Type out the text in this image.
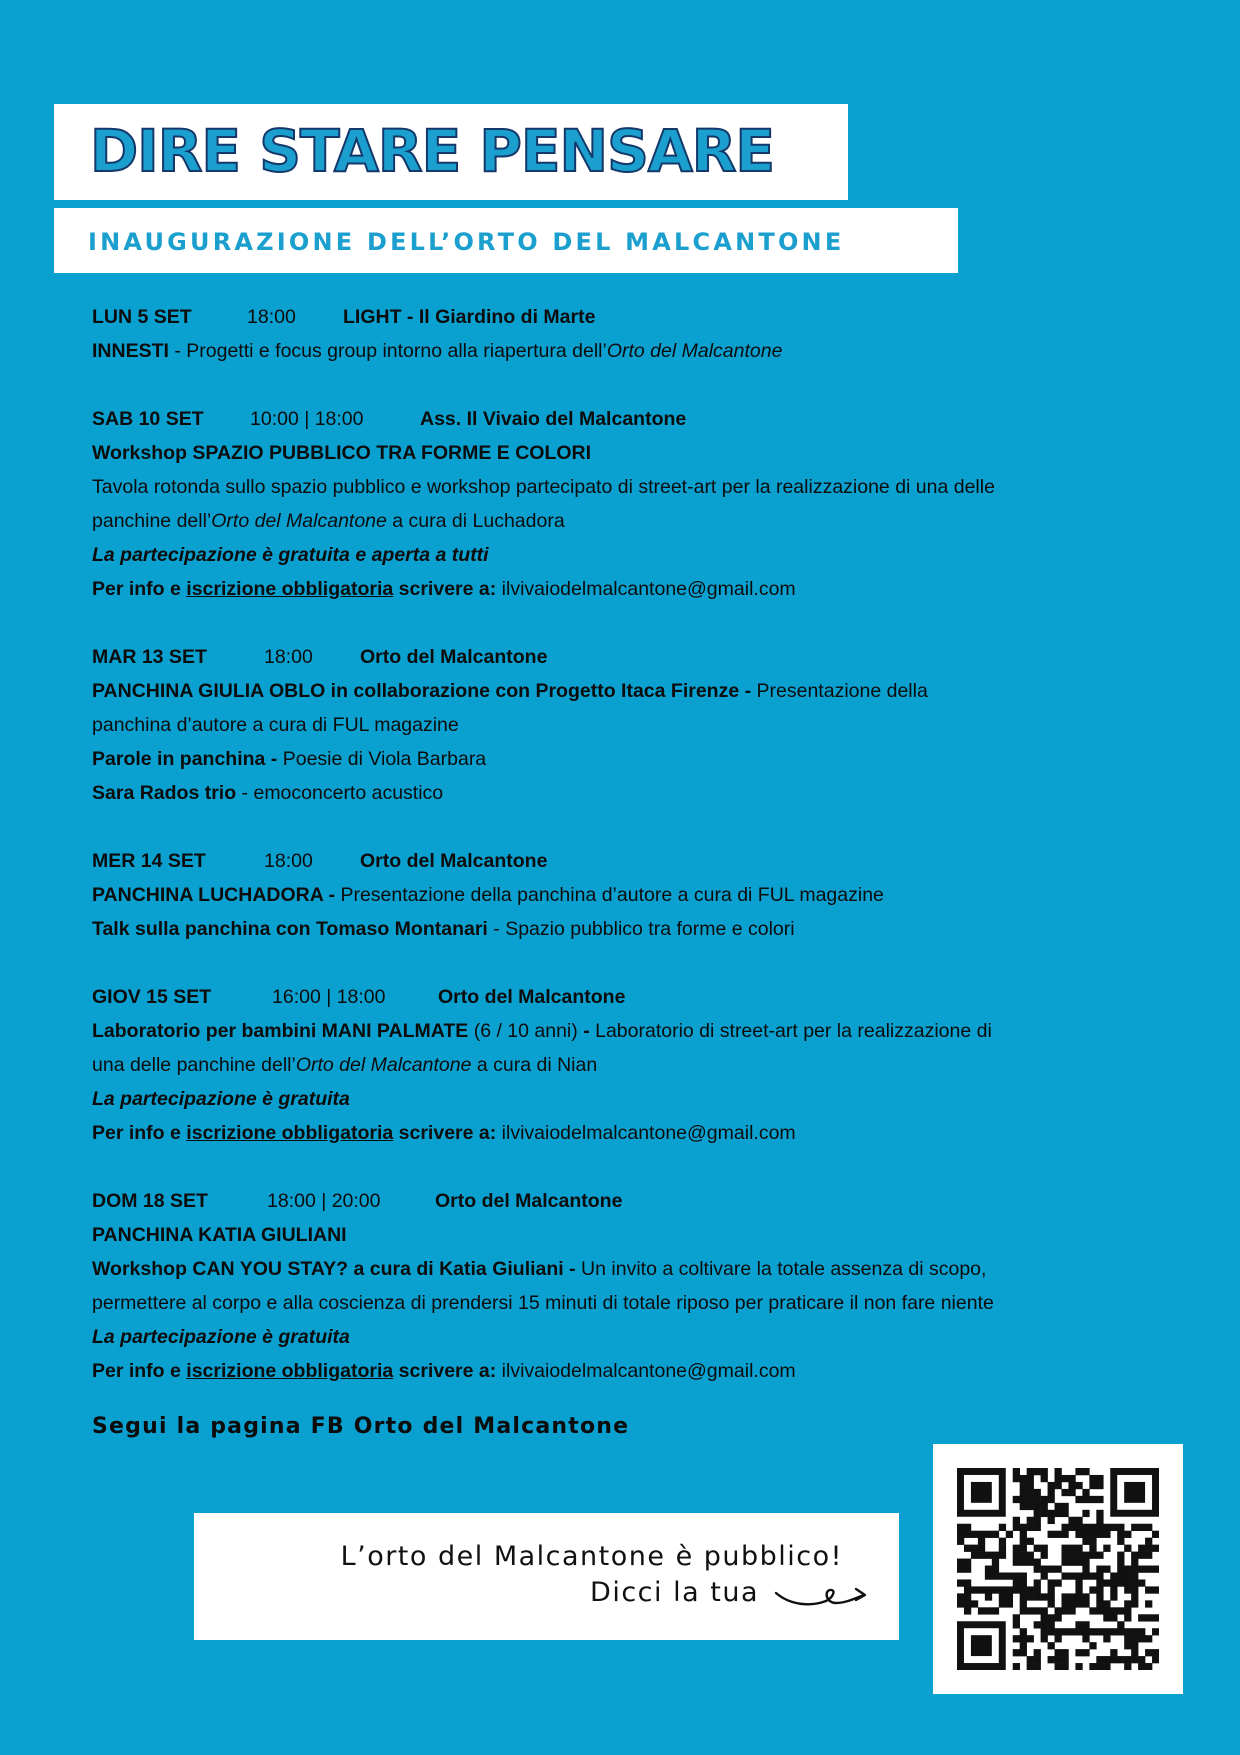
DIRE STARE PENSARE
INAUGURAZIONE DELL’ORTO DEL MALCANTONE
LUN 5 SET	18:00 LIGHT - Il Giardino di Marte
INNESTI - Progetti e focus group intorno alla riapertura dell’Orto del Malcantone
SAB 10 SET 10:00 | 18:00	Ass. Il Vivaio del Malcantone
Workshop SPAZIO PUBBLICO TRA FORME E COLORI
Tavola rotonda sullo spazio pubblico e workshop partecipato di street-art per la realizzazione di una delle
panchine dell’Orto del Malcantone a cura di Luchadora
La partecipazione è gratuita e aperta a tutti
Per info e iscrizione obbligatoria scrivere a: ilvivaiodelmalcantone@gmail.com
MAR 13 SET	18:00 Orto del Malcantone
PANCHINA GIULIA OBLO in collaborazione con Progetto Itaca Firenze - Presentazione della
panchina d’autore a cura di FUL magazine
Parole in panchina - Poesie di Viola Barbara
Sara Rados trio - emoconcerto acustico
MER 14 SET	18:00 Orto del Malcantone
PANCHINA LUCHADORA - Presentazione della panchina d’autore a cura di FUL magazine
Talk sulla panchina con Tomaso Montanari - Spazio pubblico tra forme e colori
GIOV 15 SET	16:00 | 18:00	Orto del Malcantone
Laboratorio per bambini MANI PALMATE (6 / 10 anni) - Laboratorio di street-art per la realizzazione di
una delle panchine dell’Orto del Malcantone a cura di Nian
La partecipazione è gratuita
Per info e iscrizione obbligatoria scrivere a: ilvivaiodelmalcantone@gmail.com
DOM 18 SET	18:00 | 20:00	Orto del Malcantone
PANCHINA KATIA GIULIANI
Workshop CAN YOU STAY? a cura di Katia Giuliani - Un invito a coltivare la totale assenza di scopo,
permettere al corpo e alla coscienza di prendersi 15 minuti di totale riposo per praticare il non fare niente
La partecipazione è gratuita
Per info e iscrizione obbligatoria scrivere a: ilvivaiodelmalcantone@gmail.com
Segui la pagina FB Orto del Malcantone
L’orto del Malcantone è pubblico!
Dicci la tua
